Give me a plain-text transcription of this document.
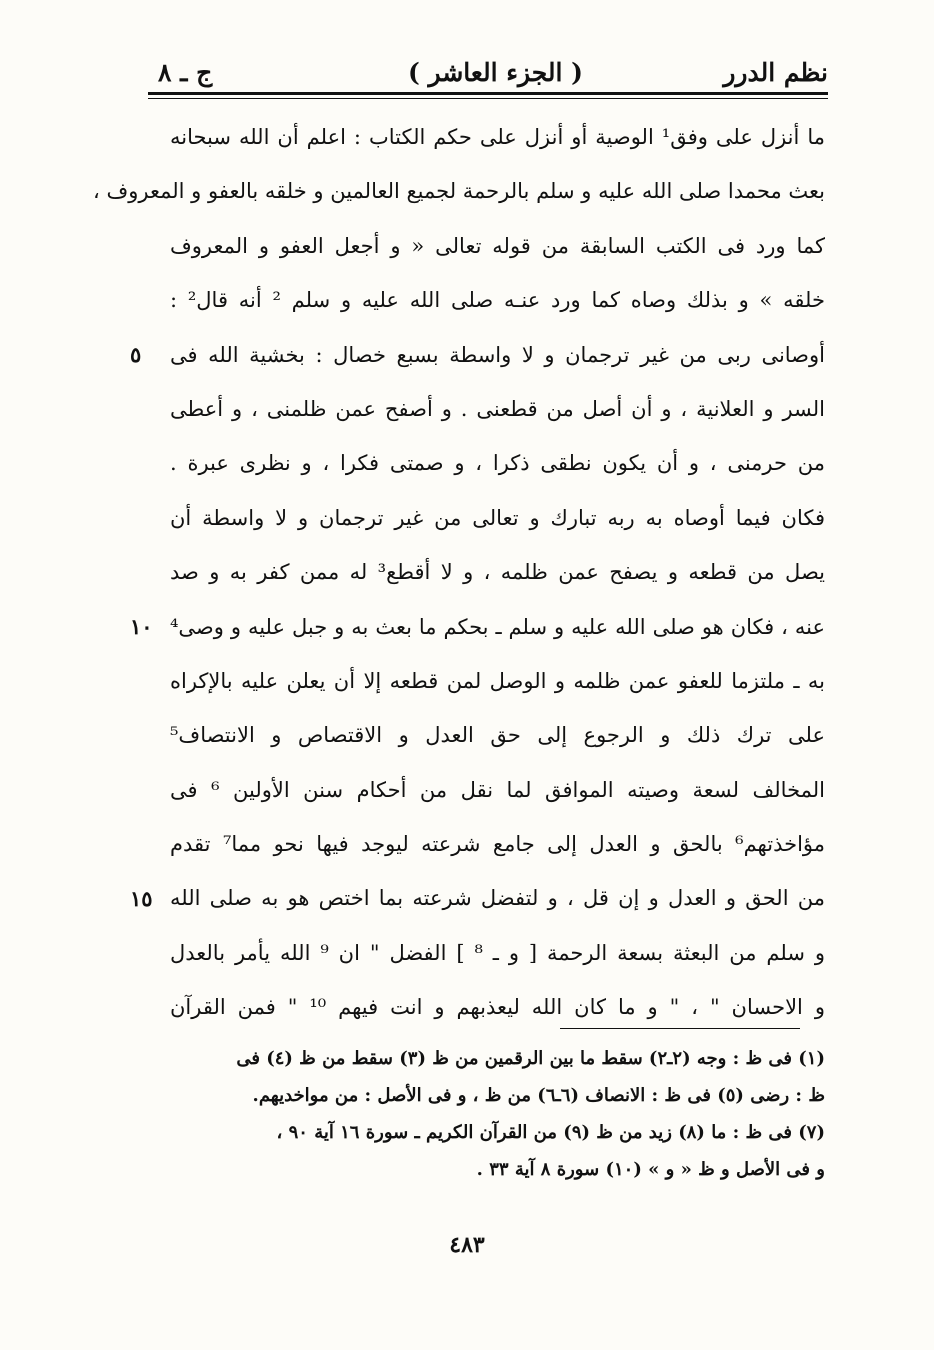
نظم الدرر
( الجزء العاشر )
ج ـ ٨
ما أنزل على وفق¹ الوصية أو أنزل على حكم الكتاب : اعلم أن الله سبحانه
بعث محمدا صلى الله عليه و سلم بالرحمة لجميع العالمين و خلقه بالعفو و المعروف ،
كما ورد فى الكتب السابقة من قوله تعالى « و أجعل العفو و المعروف
خلقه » و بذلك وصاه كما ورد عنـه صلى الله عليه و سلم ² أنه قال² :
أوصانى ربى من غير ترجمان و لا واسطة بسبع خصال : بخشية الله فى
السر و العلانية ، و أن أصل من قطعنى . و أصفح عمن ظلمنى ، و أعطى
من حرمنى ، و أن يكون نطقى ذكرا ، و صمتى فكرا ، و نظرى عبرة .
فكان فيما أوصاه به ربه تبارك و تعالى من غير ترجمان و لا واسطة أن
يصل من قطعه و يصفح عمن ظلمه ، و لا أقطع³ له ممن كفر به و صد
عنه ، فكان هو صلى الله عليه و سلم ـ بحكم ما بعث به و جبل عليه و وصى⁴
به ـ ملتزما للعفو عمن ظلمه و الوصل لمن قطعه إلا أن يعلن عليه بالإكراه
على ترك ذلك و الرجوع إلى حق العدل و الاقتصاص و الانتصاف⁵
المخالف لسعة وصيته الموافق لما نقل من أحكام سنن الأولين ⁶ فى
مؤاخذتهم⁶ بالحق و العدل إلى جامع شرعته ليوجد فيها نحو مما⁷ تقدم
من الحق و العدل و إن قل ، و لتفضل شرعته بما اختص هو به صلى الله
و سلم من البعثة بسعة الرحمة [ و ـ ⁸ ] الفضل " ان ⁹ الله يأمر بالعدل
و الاحسان " ، " و ما كان الله ليعذبهم و انت فيهم ¹⁰ " فمن القرآن
٥
١٠
١٥
(١) فى ظ : وجه (٢ـ٢) سقط ما بين الرقمين من ظ (٣) سقط من ظ (٤) فى
ظ : رضى (٥) فى ظ : الانصاف (٦ـ٦) من ظ ، و فى الأصل : من مواخديهم.
(٧) فى ظ : ما (٨) زيد من ظ (٩) من القرآن الكريم ـ سورة ١٦ آية ٩٠ ،
و فى الأصل و ظ « و » (١٠) سورة ٨ آية ٣٣ .
٤٨٣
